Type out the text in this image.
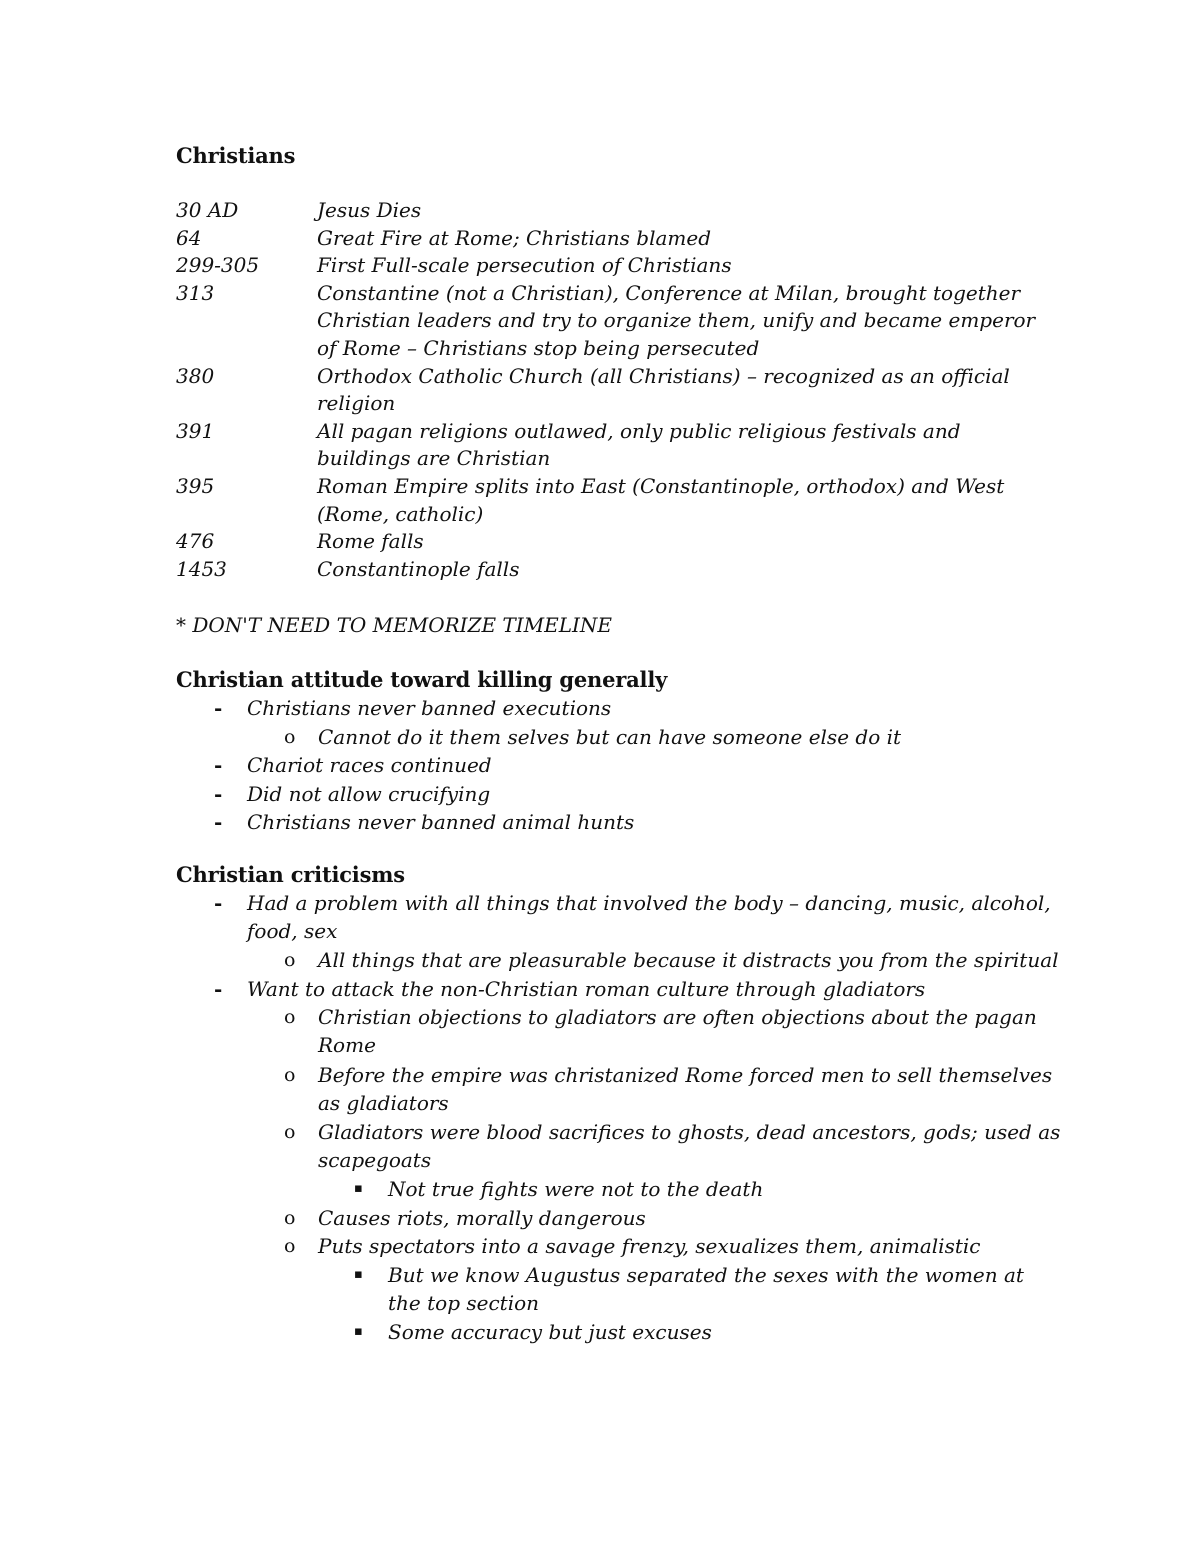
Christians
30 AD	Jesus Dies
64	Great Fire at Rome; Christians blamed
299-305	First Full-scale persecution of Christians
313	Constantine (not a Christian), Conference at Milan, brought together
Christian leaders and try to organize them, unify and became emperor
of Rome – Christians stop being persecuted
380	Orthodox Catholic Church (all Christians) – recognized as an official
religion
391	All pagan religions outlawed, only public religious festivals and
buildings are Christian
395	Roman Empire splits into East (Constantinople, orthodox) and West
(Rome, catholic)
476	Rome falls
1453	Constantinople falls
* DON'T NEED TO MEMORIZE TIMELINE
Christian attitude toward killing generally
- Christians never banned executions
o Cannot do it them selves but can have someone else do it
- Chariot races continued
- Did not allow crucifying
- Christians never banned animal hunts
Christian criticisms
- Had a problem with all things that involved the body – dancing, music, alcohol,
food, sex
o All things that are pleasurable because it distracts you from the spiritual
- Want to attack the non-Christian roman culture through gladiators
o Christian objections to gladiators are often objections about the pagan
Rome
o Before the empire was christanized Rome forced men to sell themselves
as gladiators
o Gladiators were blood sacrifices to ghosts, dead ancestors, gods; used as
scapegoats
▪ Not true fights were not to the death
o Causes riots, morally dangerous
o Puts spectators into a savage frenzy, sexualizes them, animalistic
▪ But we know Augustus separated the sexes with the women at
the top section
▪ Some accuracy but just excuses
